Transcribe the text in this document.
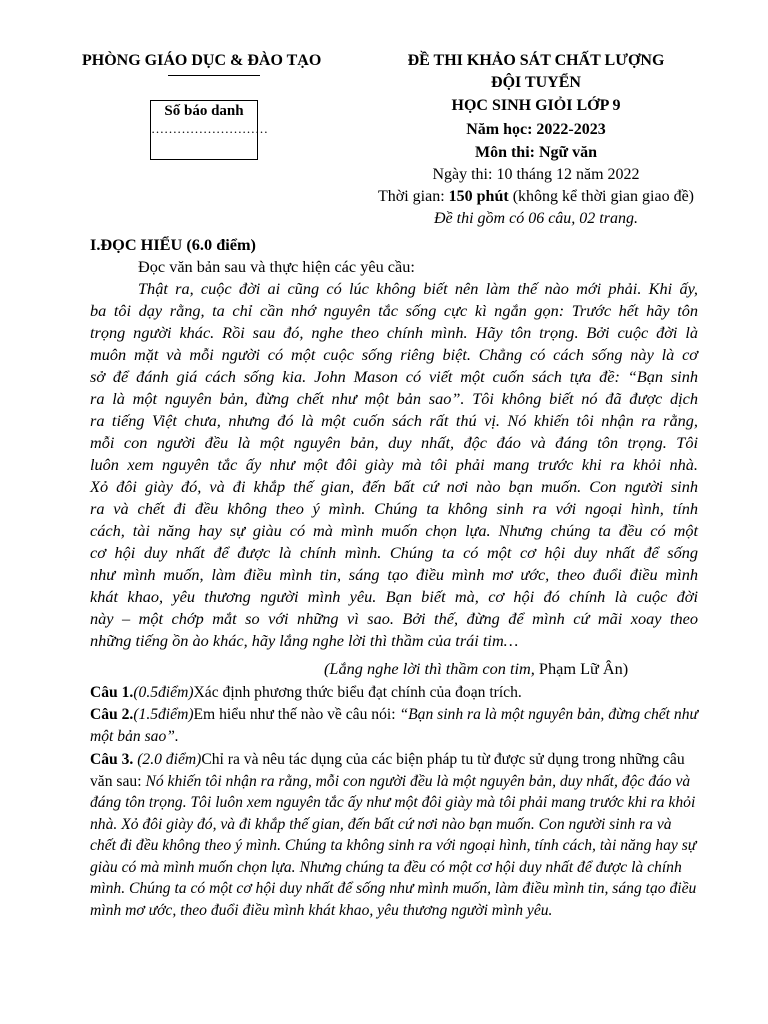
PHÒNG GIÁO DỤC & ĐÀO TẠO
Số báo danh
………………………
ĐỀ THI KHẢO SÁT CHẤT LƯỢNG
ĐỘI TUYỂN
HỌC SINH GIỎI LỚP 9
Năm học: 2022-2023
Môn thi: Ngữ văn
Ngày thi: 10 tháng 12 năm 2022
Thời gian: 150 phút (không kể thời gian giao đề)
Đề thi gồm có 06 câu, 02 trang.
I.ĐỌC HIỂU (6.0 điểm)
Đọc văn bản sau và thực hiện các yêu cầu:
Thật ra, cuộc đời ai cũng có lúc không biết nên làm thế nào mới phải. Khi ấy,
ba tôi dạy rằng, ta chỉ cần nhớ nguyên tắc sống cực kì ngắn gọn: Trước hết hãy tôn
trọng người khác. Rồi sau đó, nghe theo chính mình. Hãy tôn trọng. Bởi cuộc đời là
muôn mặt và mỗi người có một cuộc sống riêng biệt. Chẳng có cách sống này là cơ
sở để đánh giá cách sống kia. John Mason có viết một cuốn sách tựa đề: “Bạn sinh
ra là một nguyên bản, đừng chết như một bản sao”. Tôi không biết nó đã được dịch
ra tiếng Việt chưa, nhưng đó là một cuốn sách rất thú vị. Nó khiến tôi nhận ra rằng,
mỗi con người đều là một nguyên bản, duy nhất, độc đáo và đáng tôn trọng. Tôi
luôn xem nguyên tắc ấy như một đôi giày mà tôi phải mang trước khi ra khỏi nhà.
Xỏ đôi giày đó, và đi khắp thế gian, đến bất cứ nơi nào bạn muốn. Con người sinh
ra và chết đi đều không theo ý mình. Chúng ta không sinh ra với ngoại hình, tính
cách, tài năng hay sự giàu có mà mình muốn chọn lựa. Nhưng chúng ta đều có một
cơ hội duy nhất để được là chính mình. Chúng ta có một cơ hội duy nhất để sống
như mình muốn, làm điều mình tin, sáng tạo điều mình mơ ước, theo đuổi điều mình
khát khao, yêu thương người mình yêu. Bạn biết mà, cơ hội đó chính là cuộc đời
này – một chớp mắt so với những vì sao. Bởi thế, đừng để mình cứ mãi xoay theo
những tiếng ồn ào khác, hãy lắng nghe lời thì thầm của trái tim…
(Lắng nghe lời thì thầm con tim, Phạm Lữ Ân)
Câu 1.(0.5điểm)Xác định phương thức biểu đạt chính của đoạn trích.
Câu 2.(1.5điểm)Em hiểu như thế nào về câu nói: “Bạn sinh ra là một nguyên bản, đừng chết như một bản sao”.
Câu 3. (2.0 điểm)Chỉ ra và nêu tác dụng của các biện pháp tu từ được sử dụng trong những câu văn sau: Nó khiến tôi nhận ra rằng, mỗi con người đều là một nguyên bản, duy nhất, độc đáo và đáng tôn trọng. Tôi luôn xem nguyên tắc ấy như một đôi giày mà tôi phải mang trước khi ra khỏi nhà. Xỏ đôi giày đó, và đi khắp thế gian, đến bất cứ nơi nào bạn muốn. Con người sinh ra và chết đi đều không theo ý mình. Chúng ta không sinh ra với ngoại hình, tính cách, tài năng hay sự giàu có mà mình muốn chọn lựa. Nhưng chúng ta đều có một cơ hội duy nhất để được là chính mình. Chúng ta có một cơ hội duy nhất để sống như mình muốn, làm điều mình tin, sáng tạo điều mình mơ ước, theo đuổi điều mình khát khao, yêu thương người mình yêu.
